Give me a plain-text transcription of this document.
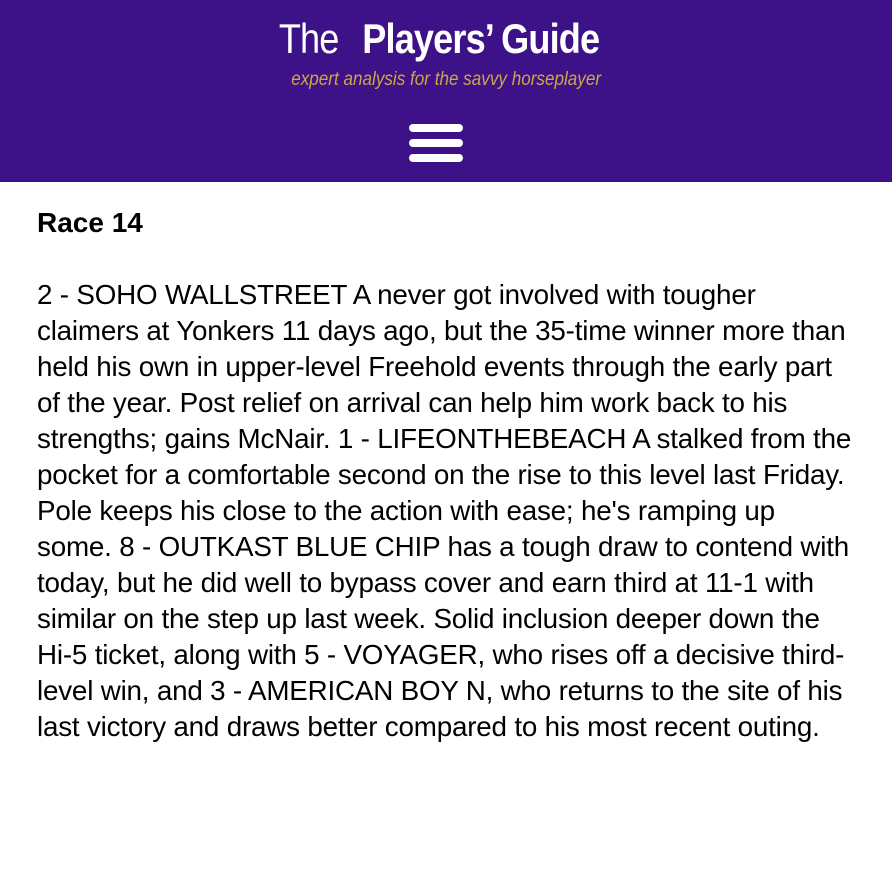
ThePlayers’ Guide
expert analysis for the savvy horseplayer
Race 14

2 - SOHO WALLSTREET A never got involved with tougher claimers at Yonkers 11 days ago, but the 35-time winner more than held his own in upper-level Freehold events through the early part of the year. Post relief on arrival can help him work back to his strengths; gains McNair. 1 - LIFEONTHEBEACH A stalked from the pocket for a comfortable second on the rise to this level last Friday. Pole keeps his close to the action with ease; he's ramping up some. 8 - OUTKAST BLUE CHIP has a tough draw to contend with today, but he did well to bypass cover and earn third at 11-1 with similar on the step up last week. Solid inclusion deeper down the Hi-5 ticket, along with 5 - VOYAGER, who rises off a decisive third-level win, and 3 - AMERICAN BOY N, who returns to the site of his last victory and draws better compared to his most recent outing.
